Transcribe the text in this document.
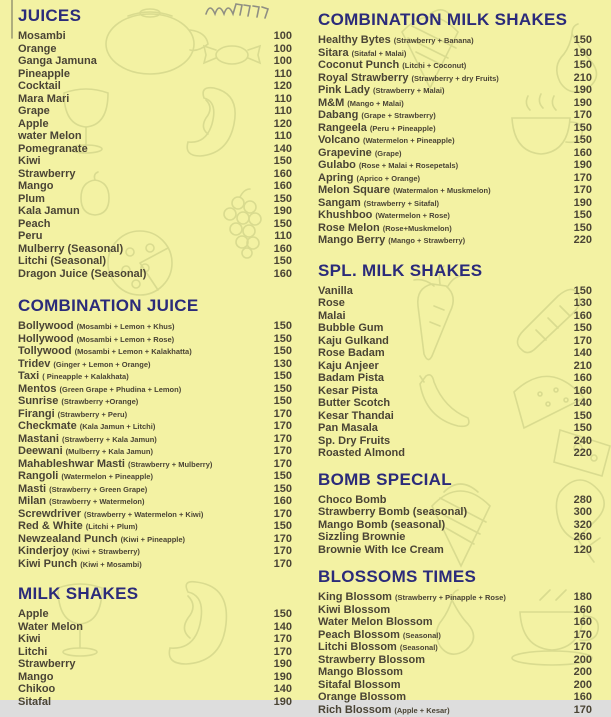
JUICES
Mosambi	100
Orange	100
Ganga Jamuna	100
Pineapple	110
Cocktail	120
Mara Mari	110
Grape	110
Apple	120
water Melon	110
Pomegranate	140
Kiwi	150
Strawberry	160
Mango	160
Plum	150
Kala Jamun	190
Peach	150
Peru	110
Mulberry (Seasonal)	160
Litchi (Seasonal)	150
Dragon Juice (Seasonal)	160
COMBINATION JUICE
Bollywood (Mosambi + Lemon + Khus)	150
Hollywood (Mosambi + Lemon + Rose)	150
Tollywood (Mosambi + Lemon + Kalakhatta)	150
Tridev (Ginger + Lemon + Orange)	130
Taxi ( Pineapple + Kalakhata)	150
Mentos (Green Grape + Phudina + Lemon)	150
Sunrise (Strawberry +Orange)	150
Firangi (Strawberry + Peru)	170
Checkmate (Kala Jamun + Litchi)	170
Mastani (Strawberry + Kala Jamun)	170
Deewani (Mulberry + Kala Jamun)	170
Mahableshwar Masti (Strawberry + Mulberry)	170
Rangoli (Watermelon + Pineapple)	150
Masti (Strawberry + Green Grape)	150
Milan (Strawberry + Watermelon)	160
Screwdriver (Strawberry + Watermelon + Kiwi)	170
Red & White (Litchi + Plum)	150
Newzealand Punch (Kiwi + Pineapple)	170
Kinderjoy (Kiwi + Strawberry)	170
Kiwi Punch (Kiwi + Mosambi)	170
MILK SHAKES
Apple	150
Water Melon	140
Kiwi	170
Litchi	170
Strawberry	190
Mango	190
Chikoo	140
Sitafal	190
COMBINATION MILK SHAKES
Healthy Bytes (Strawberry + Banana)	150
Sitara (Sitafal + Malai)	190
Coconut Punch (Litchi + Coconut)	150
Royal Strawberry (Strawberry + dry Fruits)	210
Pink Lady (Strawberry + Malai)	190
M&M (Mango + Malai)	190
Dabang (Grape + Strawberry)	170
Rangeela (Peru + Pineapple)	150
Volcano (Watermelon + Pineapple)	150
Grapevine (Grape)	160
Gulabo (Rose + Malai + Rosepetals)	190
Apring (Aprico + Orange)	170
Melon Square (Watermalon + Muskmelon)	170
Sangam (Strawberry + Sitafal)	190
Khushboo (Watermelon + Rose)	150
Rose Melon (Rose+Muskmelon)	150
Mango Berry (Mango + Strawberry)	220
SPL. MILK SHAKES
Vanilla	150
Rose	130
Malai	160
Bubble Gum	150
Kaju Gulkand	170
Rose Badam	140
Kaju Anjeer	210
Badam Pista	160
Kesar Pista	160
Butter Scotch	140
Kesar Thandai	150
Pan Masala	150
Sp. Dry Fruits	240
Roasted Almond	220
BOMB SPECIAL
Choco Bomb	280
Strawberry Bomb (seasonal)	300
Mango Bomb (seasonal)	320
Sizzling Brownie	260
Brownie With Ice Cream	120
BLOSSOMS TIMES
King Blossom (Strawberry + Pinapple + Rose)	180
Kiwi Blossom	160
Water Melon Blossom	160
Peach Blossom (Seasonal)	170
Litchi Blossom (Seasonal)	170
Strawberry Blossom	200
Mango Blossom	200
Sitafal Blossom	200
Orange Blossom	160
Rich Blossom (Apple + Kesar)	170
